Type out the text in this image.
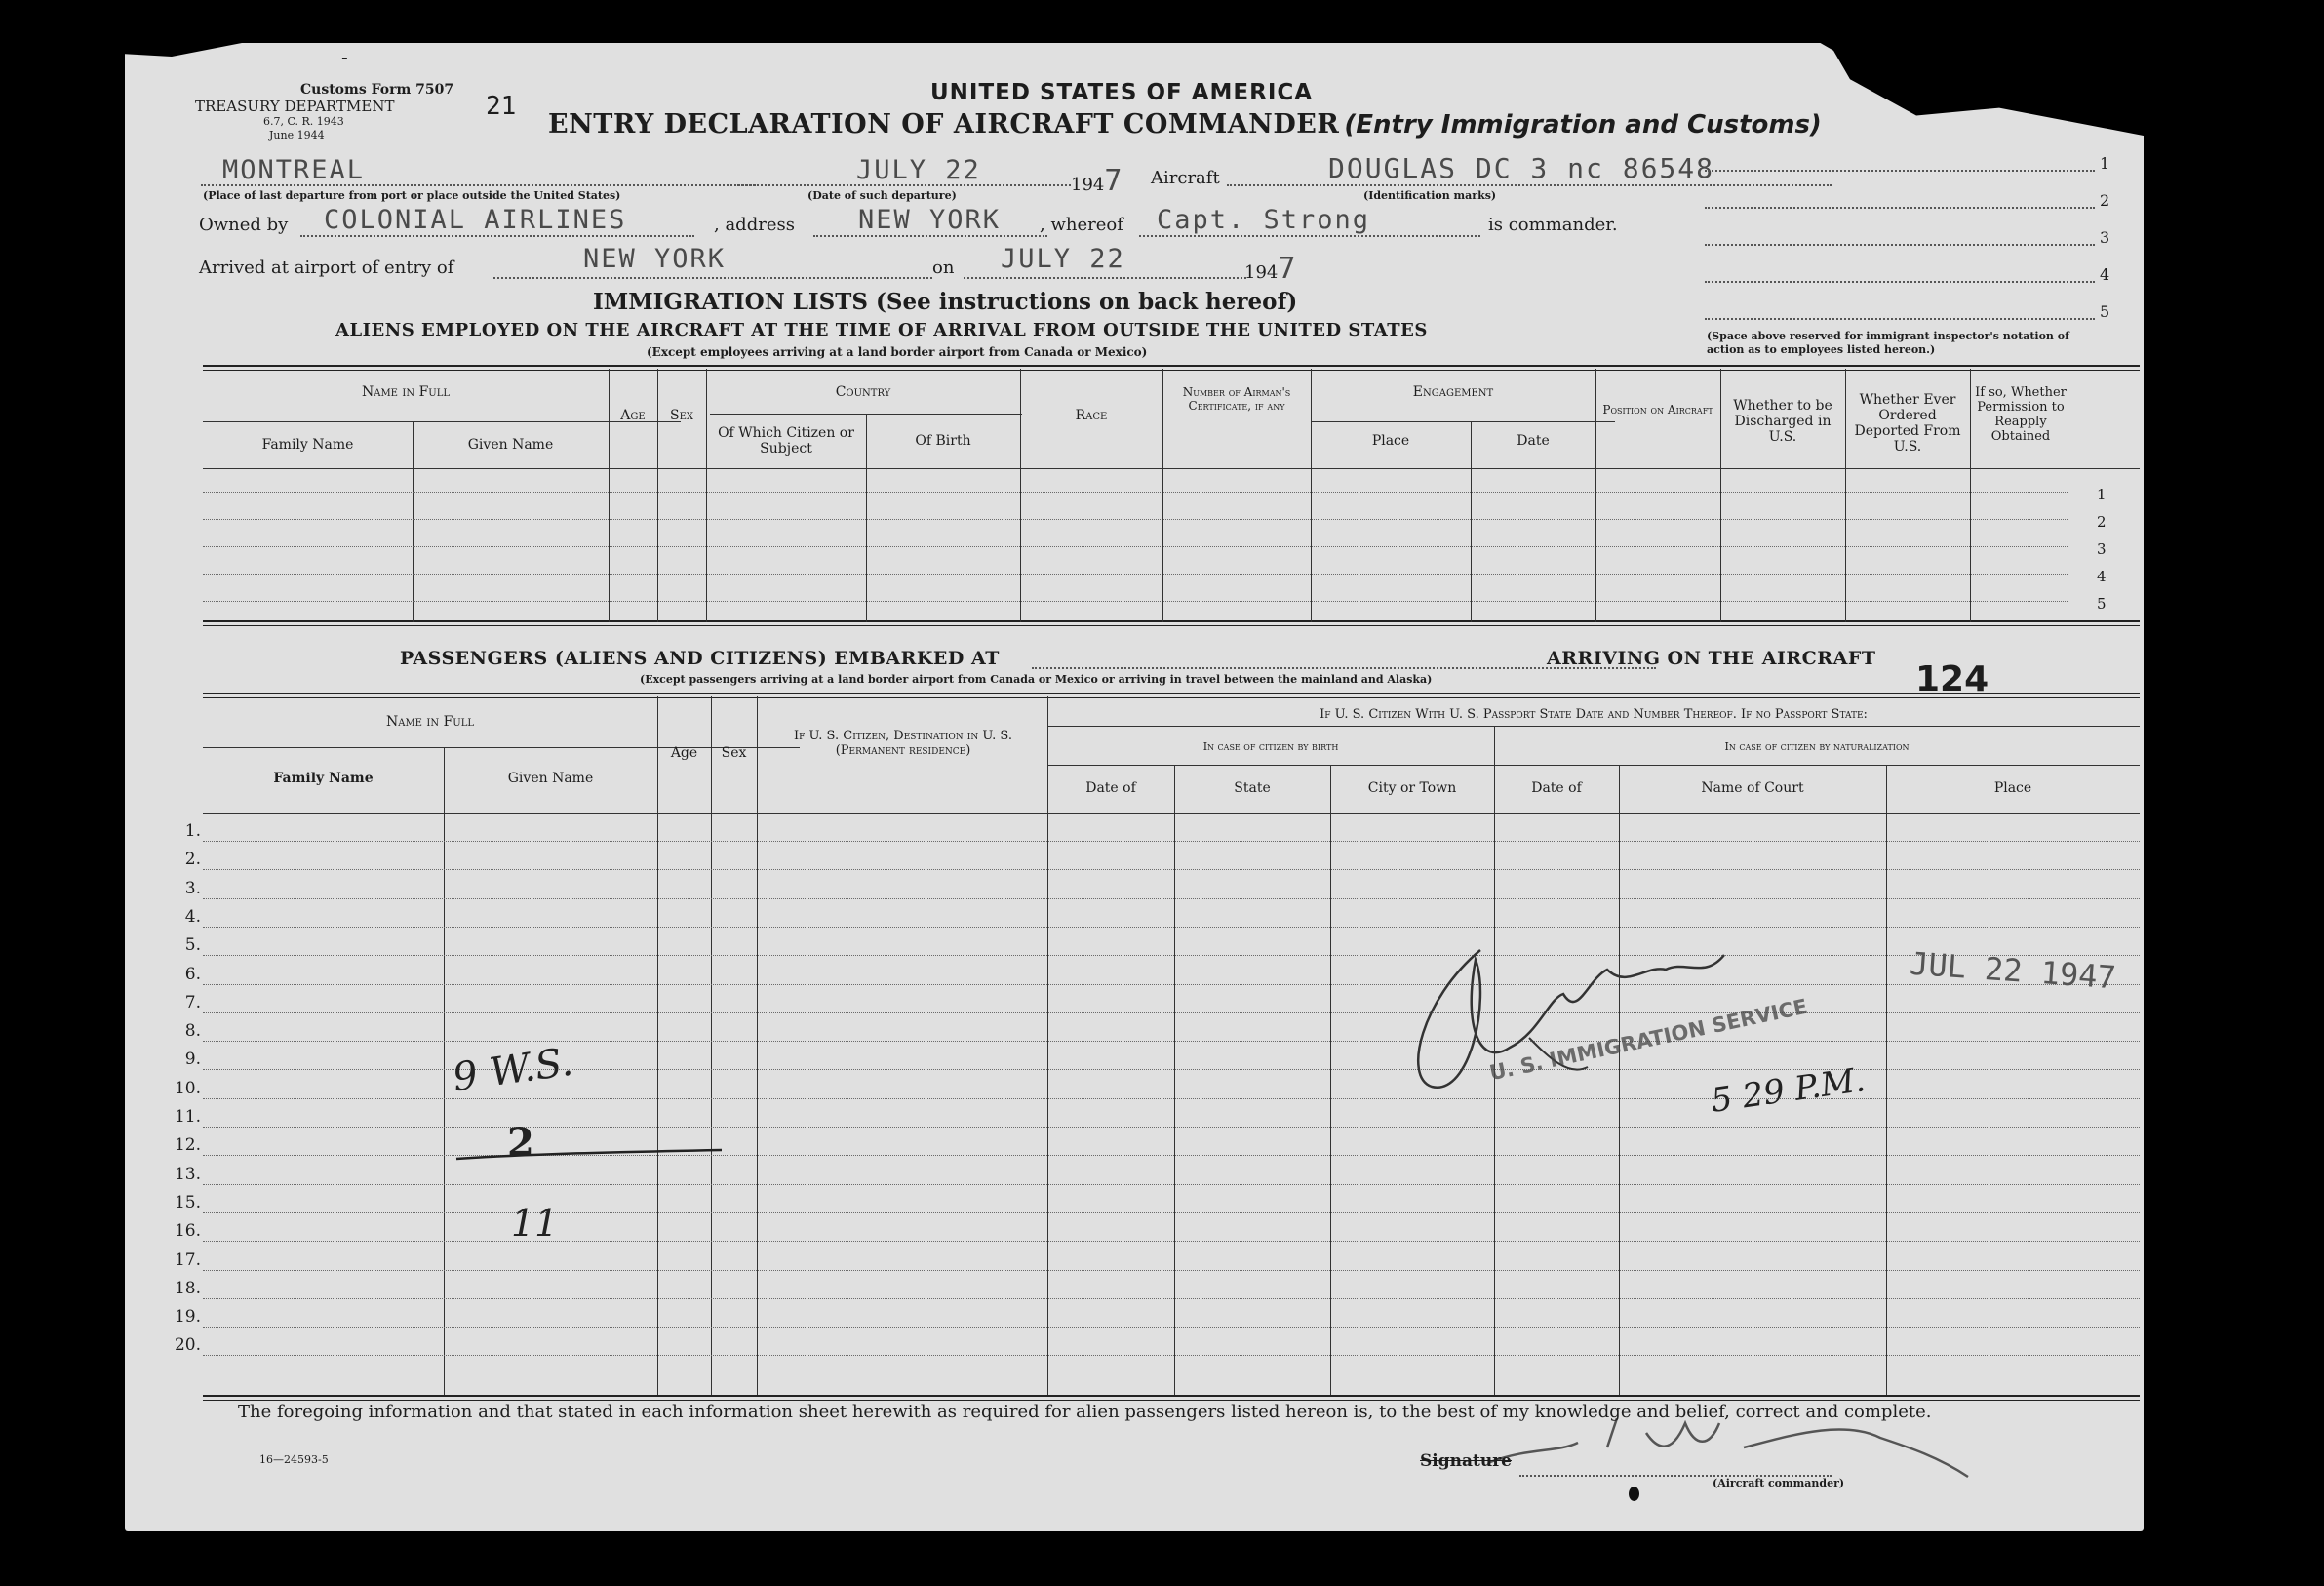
Customs Form 7507
TREASURY DEPARTMENT
6.7, C. R. 1943
June 1944
21
-
UNITED STATES OF AMERICA
ENTRY DECLARATION OF AIRCRAFT COMMANDER (Entry Immigration and Customs)
MONTREAL
(Place of last departure from port or place outside the United States)
JULY 22
(Date of such departure)
1947 Aircraft	DOUGLAS DC 3 nc 86548
(Identification marks)
Owned by COLONIAL AIRLINES	, address NEW YORK , whereof Capt. Strong	is commander.
Arrived at airport of entry of	NEW YORK	on JULY 22	1947
1
2
3
4
5
(Space above reserved for immigrant inspector's notation of action as to employees listed hereon.)
IMMIGRATION LISTS (See instructions on back hereof)
ALIENS EMPLOYED ON THE AIRCRAFT AT THE TIME OF ARRIVAL FROM OUTSIDE THE UNITED STATES
(Except employees arriving at a land border airport from Canada or Mexico)
Name in Full
Family Name	Given Name
Age	Sex
Country
Of Which Citizen or Subject
Of Birth
Race
Number of Airman's Certificate, if any
Engagement
Place	Date
Position on Aircraft	Whether to be Discharged in U.S.
Whether Ever Ordered Deported From U.S.
If so, Whether Permission to Reapply Obtained
1
2
3
4
5
PASSENGERS (ALIENS AND CITIZENS) EMBARKED AT	ARRIVING ON THE AIRCRAFT
(Except passengers arriving at a land border airport from Canada or Mexico or arriving in travel between the mainland and Alaska)	124
Name in Full
Family Name	Given Name
Age	Sex
If U. S. Citizen, Destination in U. S. (Permanent residence)
If U. S. Citizen With U. S. Passport State Date and Number Thereof. If no Passport State:
In case of citizen by birth	In case of citizen by naturalization
Date of	State	City or Town	Date of	Name of Court	Place
1.
2.
3.
4.
5.
6.
7.
8.
9.
10.
11.
12.
13.
15.
16.
17.
18.
19.
20.
9 W.S.
2
11
JUL 22 1947
U. S. IMMIGRATION SERVICE
5 29 P.M.
The foregoing information and that stated in each information sheet herewith as required for alien passengers listed hereon is, to the best of my knowledge and belief, correct and complete.
16—24593-5	Signature
(Aircraft commander)
